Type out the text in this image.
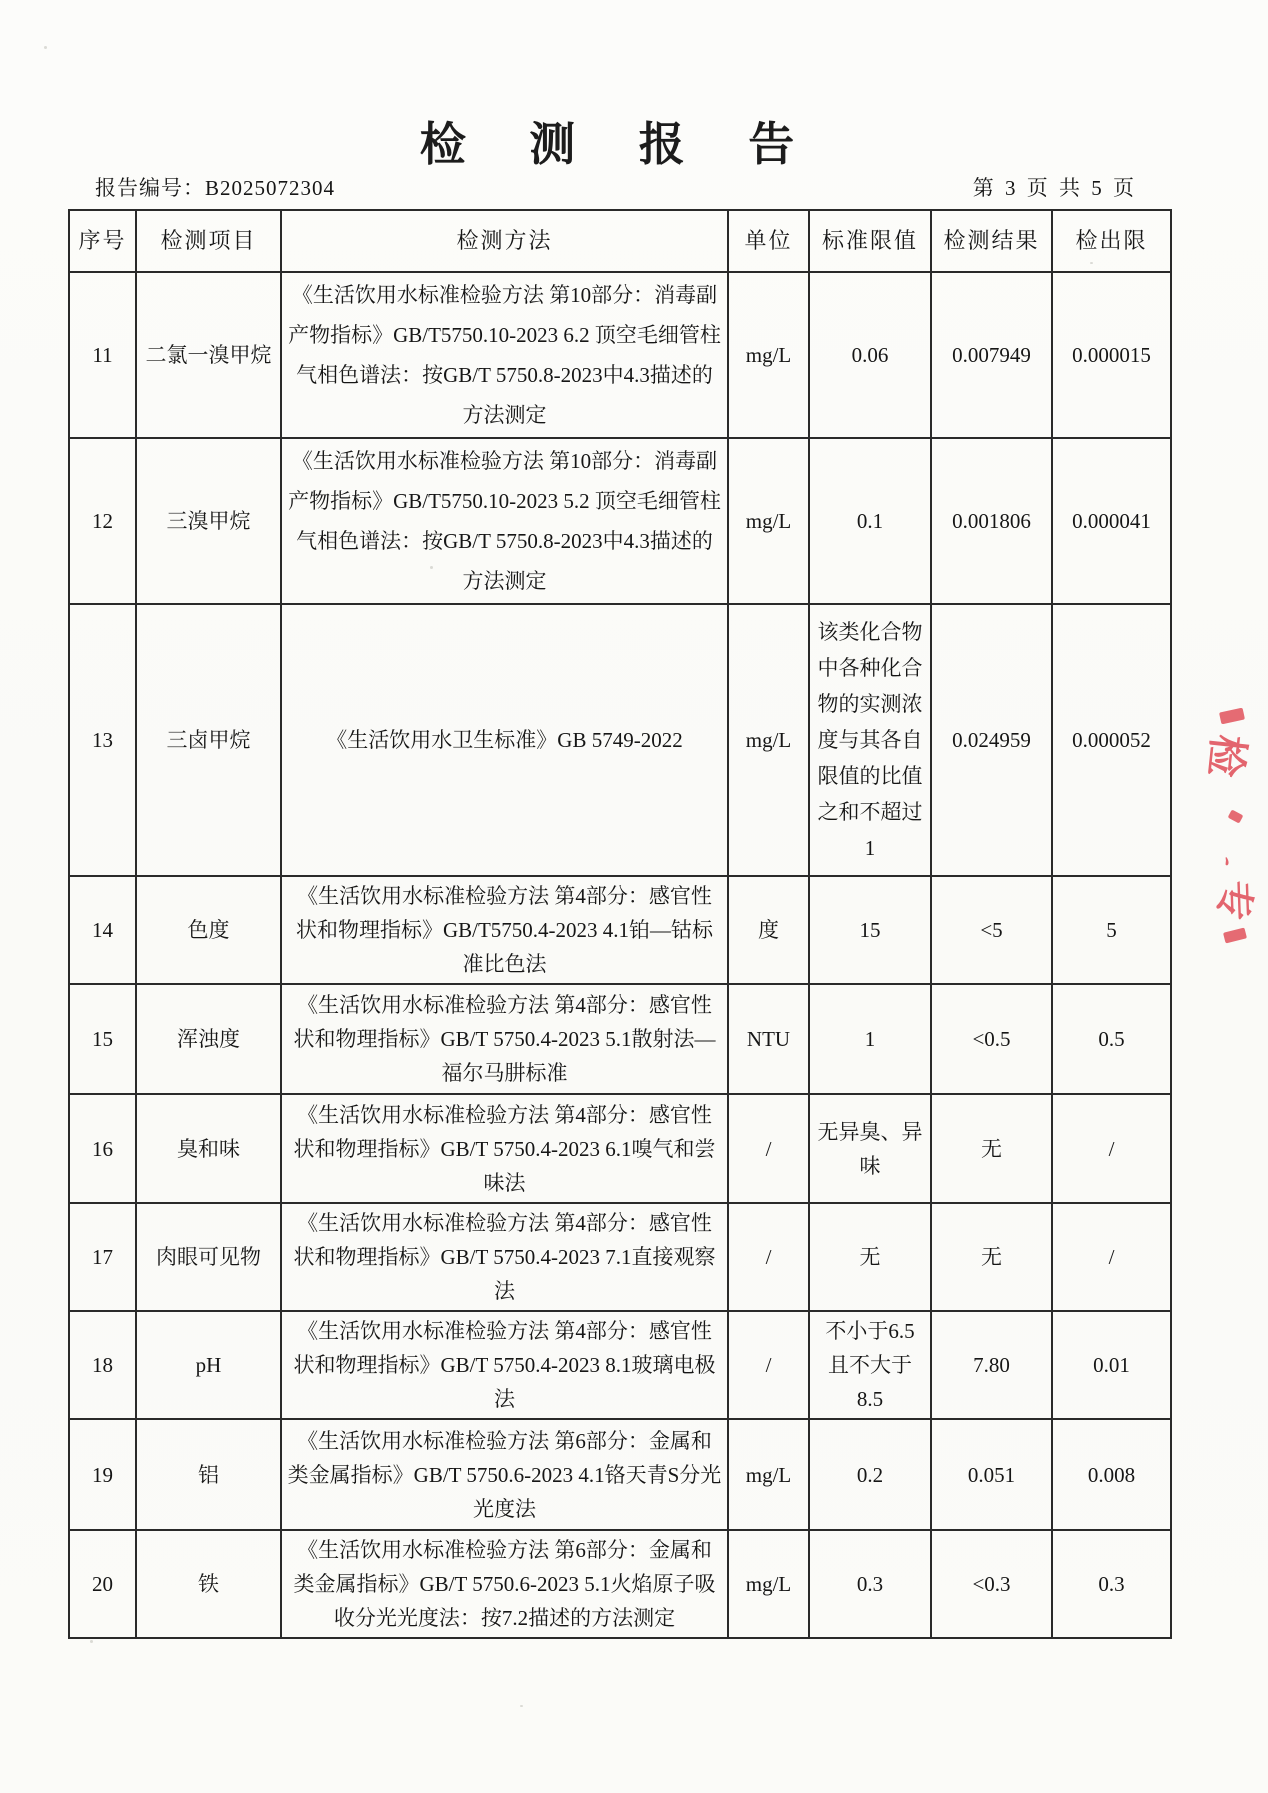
检 测 报 告
报告编号：B2025072304	第 3 页 共 5 页
序号	检测项目	检测方法	单位	标准限值	检测结果	检出限
11	二氯一溴甲烷	《生活饮用水标准检验方法 第10部分：消毒副产物指标》GB/T5750.10-2023 6.2 顶空毛细管柱气相色谱法：按GB/T 5750.8-2023中4.3描述的方法测定	mg/L	0.06	0.007949	0.000015
12	三溴甲烷	《生活饮用水标准检验方法 第10部分：消毒副产物指标》GB/T5750.10-2023 5.2 顶空毛细管柱气相色谱法：按GB/T 5750.8-2023中4.3描述的方法测定	mg/L	0.1	0.001806	0.000041
13	三卤甲烷	《生活饮用水卫生标准》GB 5749-2022	mg/L	该类化合物中各种化合物的实测浓度与其各自限值的比值之和不超过1	0.024959	0.000052
14	色度	《生活饮用水标准检验方法 第4部分：感官性状和物理指标》GB/T5750.4-2023 4.1铂—钴标准比色法	度	15	<5	5
15	浑浊度	《生活饮用水标准检验方法 第4部分：感官性状和物理指标》GB/T 5750.4-2023 5.1散射法—福尔马肼标准	NTU	1	<0.5	0.5
16	臭和味	《生活饮用水标准检验方法 第4部分：感官性状和物理指标》GB/T 5750.4-2023 6.1嗅气和尝味法	/	无异臭、异味	无	/
17	肉眼可见物	《生活饮用水标准检验方法 第4部分：感官性状和物理指标》GB/T 5750.4-2023 7.1直接观察法	/	无	无	/
18	pH	《生活饮用水标准检验方法 第4部分：感官性状和物理指标》GB/T 5750.4-2023 8.1玻璃电极法	/	不小于6.5且不大于8.5	7.80	0.01
19	铝	《生活饮用水标准检验方法 第6部分：金属和类金属指标》GB/T 5750.6-2023 4.1铬天青S分光光度法	mg/L	0.2	0.051	0.008
20	铁	《生活饮用水标准检验方法 第6部分：金属和类金属指标》GB/T 5750.6-2023 5.1火焰原子吸收分光光度法：按7.2描述的方法测定	mg/L	0.3	<0.3	0.3
检
、
专
